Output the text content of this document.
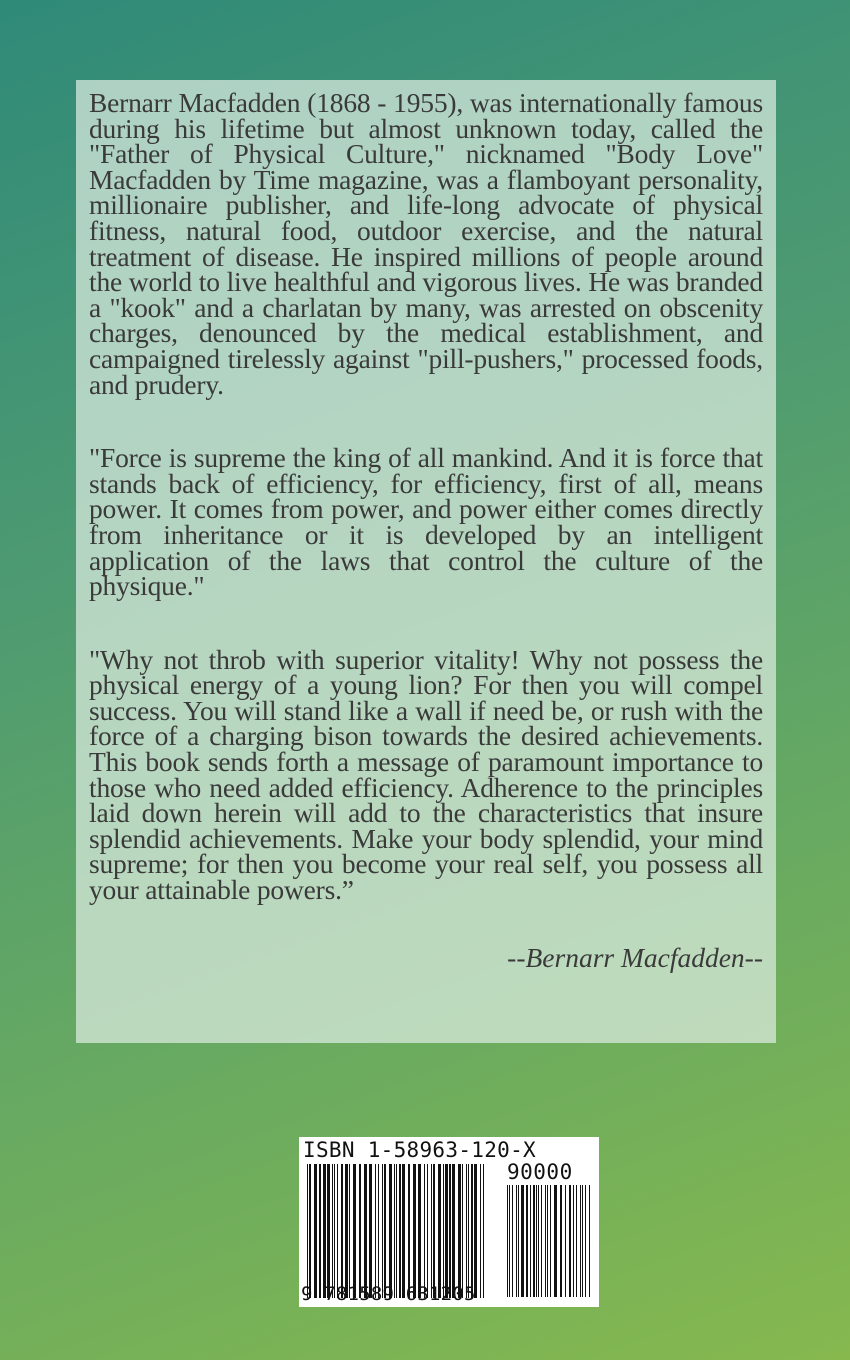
Bernarr Macfadden (1868 - 1955), was internationally famous during his lifetime but almost unknown today, called the "Father of Physical Culture," nicknamed "Body Love" Macfadden by Time magazine, was a flamboyant personality, millionaire publisher, and life-long advocate of physical fitness, natural food, outdoor exercise, and the natural treatment of disease. He inspired millions of people around the world to live healthful and vigorous lives. He was branded a "kook" and a charlatan by many, was arrested on obscenity charges, denounced by the medical establishment, and campaigned tirelessly against "pill-pushers," processed foods, and prudery.

"Force is supreme the king of all mankind. And it is force that stands back of efficiency, for efficiency, first of all, means power. It comes from power, and power either comes directly from inheritance or it is developed by an intelligent application of the laws that control the culture of the physique."

"Why not throb with superior vitality! Why not possess the physical energy of a young lion? For then you will compel success. You will stand like a wall if need be, or rush with the force of a charging bison towards the desired achievements. This book sends forth a message of paramount importance to those who need added efficiency. Adherence to the principles laid down herein will add to the characteristics that insure splendid achievements. Make your body splendid, your mind supreme; for then you become your real self, you possess all your attainable powers.”

--Bernarr Macfadden--

ISBN 1-58963-120-X
90000
9 781589 631205
